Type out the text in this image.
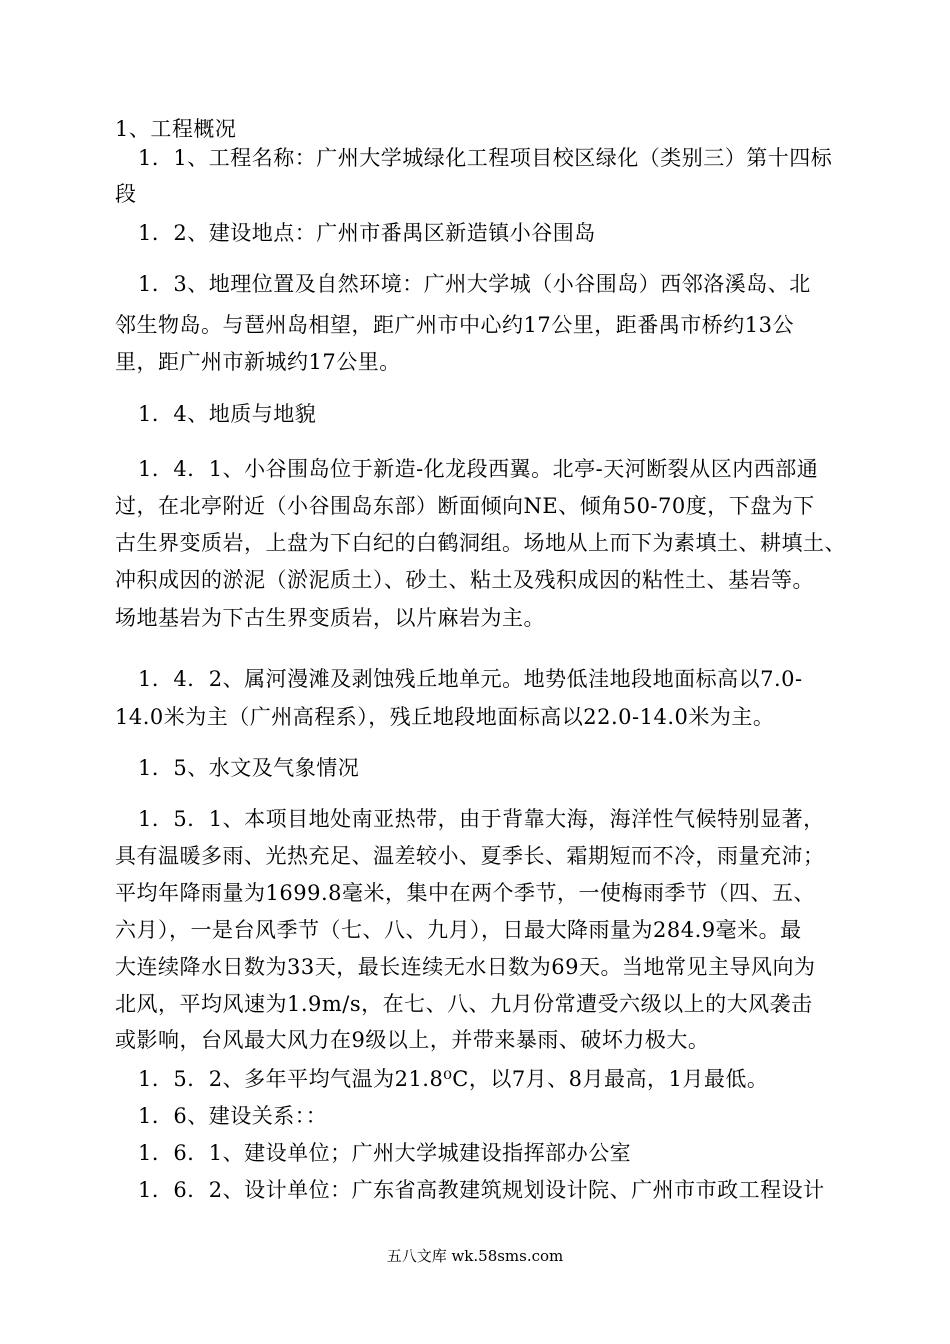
1、工程概况
1．1、工程名称：广州大学城绿化工程项目校区绿化（类别三）第十四标
段
1．2、建设地点：广州市番禺区新造镇小谷围岛
1．3、地理位置及自然环境：广州大学城（小谷围岛）西邻洛溪岛、北
邻生物岛。与琶州岛相望，距广州市中心约17公里，距番禺市桥约13公
里，距广州市新城约17公里。
1．4、地质与地貌
1．4．1、小谷围岛位于新造-化龙段西翼。北亭-天河断裂从区内西部通
过，在北亭附近（小谷围岛东部）断面倾向NE、倾角50-70度，下盘为下
古生界变质岩，上盘为下白纪的白鹤洞组。场地从上而下为素填土、耕填土、
冲积成因的淤泥（淤泥质土）、砂土、粘土及残积成因的粘性土、基岩等。
场地基岩为下古生界变质岩，以片麻岩为主。
1．4．2、属河漫滩及剥蚀残丘地单元。地势低洼地段地面标高以7.0-
14.0米为主（广州高程系），残丘地段地面标高以22.0-14.0米为主。
1．5、水文及气象情况
1．5．1、本项目地处南亚热带，由于背靠大海，海洋性气候特别显著，
具有温暖多雨、光热充足、温差较小、夏季长、霜期短而不冷，雨量充沛；
平均年降雨量为1699.8毫米，集中在两个季节，一使梅雨季节（四、五、
六月），一是台风季节（七、八、九月），日最大降雨量为284.9毫米。最
大连续降水日数为33天，最长连续无水日数为69天。当地常见主导风向为
北风，平均风速为1.9m/s，在七、八、九月份常遭受六级以上的大风袭击
或影响，台风最大风力在9级以上，并带来暴雨、破坏力极大。
1．5．2、多年平均气温为21.8⁰C，以7月、8月最高，1月最低。
1．6、建设关系：：
1．6．1、建设单位；广州大学城建设指挥部办公室
1．6．2、设计单位：广东省高教建筑规划设计院、广州市市政工程设计
五八文库 wk.58sms.com
